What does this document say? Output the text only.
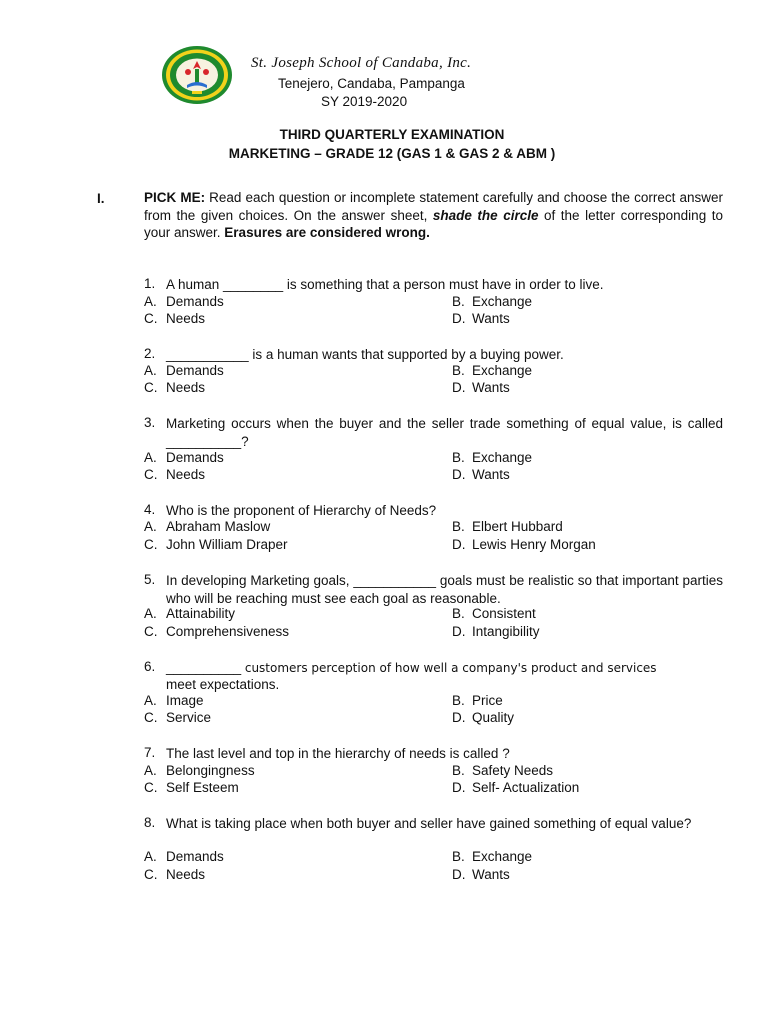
St. Joseph School of Candaba, Inc.
Tenejero, Candaba, Pampanga
SY 2019-2020
THIRD QUARTERLY EXAMINATION
MARKETING – GRADE 12 (GAS 1 & GAS 2 & ABM )
I.	PICK ME: Read each question or incomplete statement carefully and choose the correct answer from the given choices. On the answer sheet, shade the circle of the letter corresponding to your answer. Erasures are considered wrong.
1. A human ________ is something that a person must have in order to live.
A. Demands	B. Exchange
C. Needs	D. Wants
2. ___________ is a human wants that supported by a buying power.
A. Demands	B. Exchange
C. Needs	D. Wants
3. Marketing occurs when the buyer and the seller trade something of equal value, is called __________?
A. Demands	B. Exchange
C. Needs	D. Wants
4. Who is the proponent of Hierarchy of Needs?
A. Abraham Maslow	B. Elbert Hubbard
C. John William Draper	D. Lewis Henry Morgan
5. In developing Marketing goals, ___________ goals must be realistic so that important parties who will be reaching must see each goal as reasonable.
A. Attainability	B. Consistent
C. Comprehensiveness	D. Intangibility
6. __________ customers perception of how well a company's product and services
meet expectations.
A. Image	B. Price
C. Service	D. Quality
7. The last level and top in the hierarchy of needs is called ?
A. Belongingness	B. Safety Needs
C. Self Esteem	D. Self- Actualization
8. What is taking place when both buyer and seller have gained something of equal value?
A. Demands	B. Exchange
C. Needs	D. Wants
